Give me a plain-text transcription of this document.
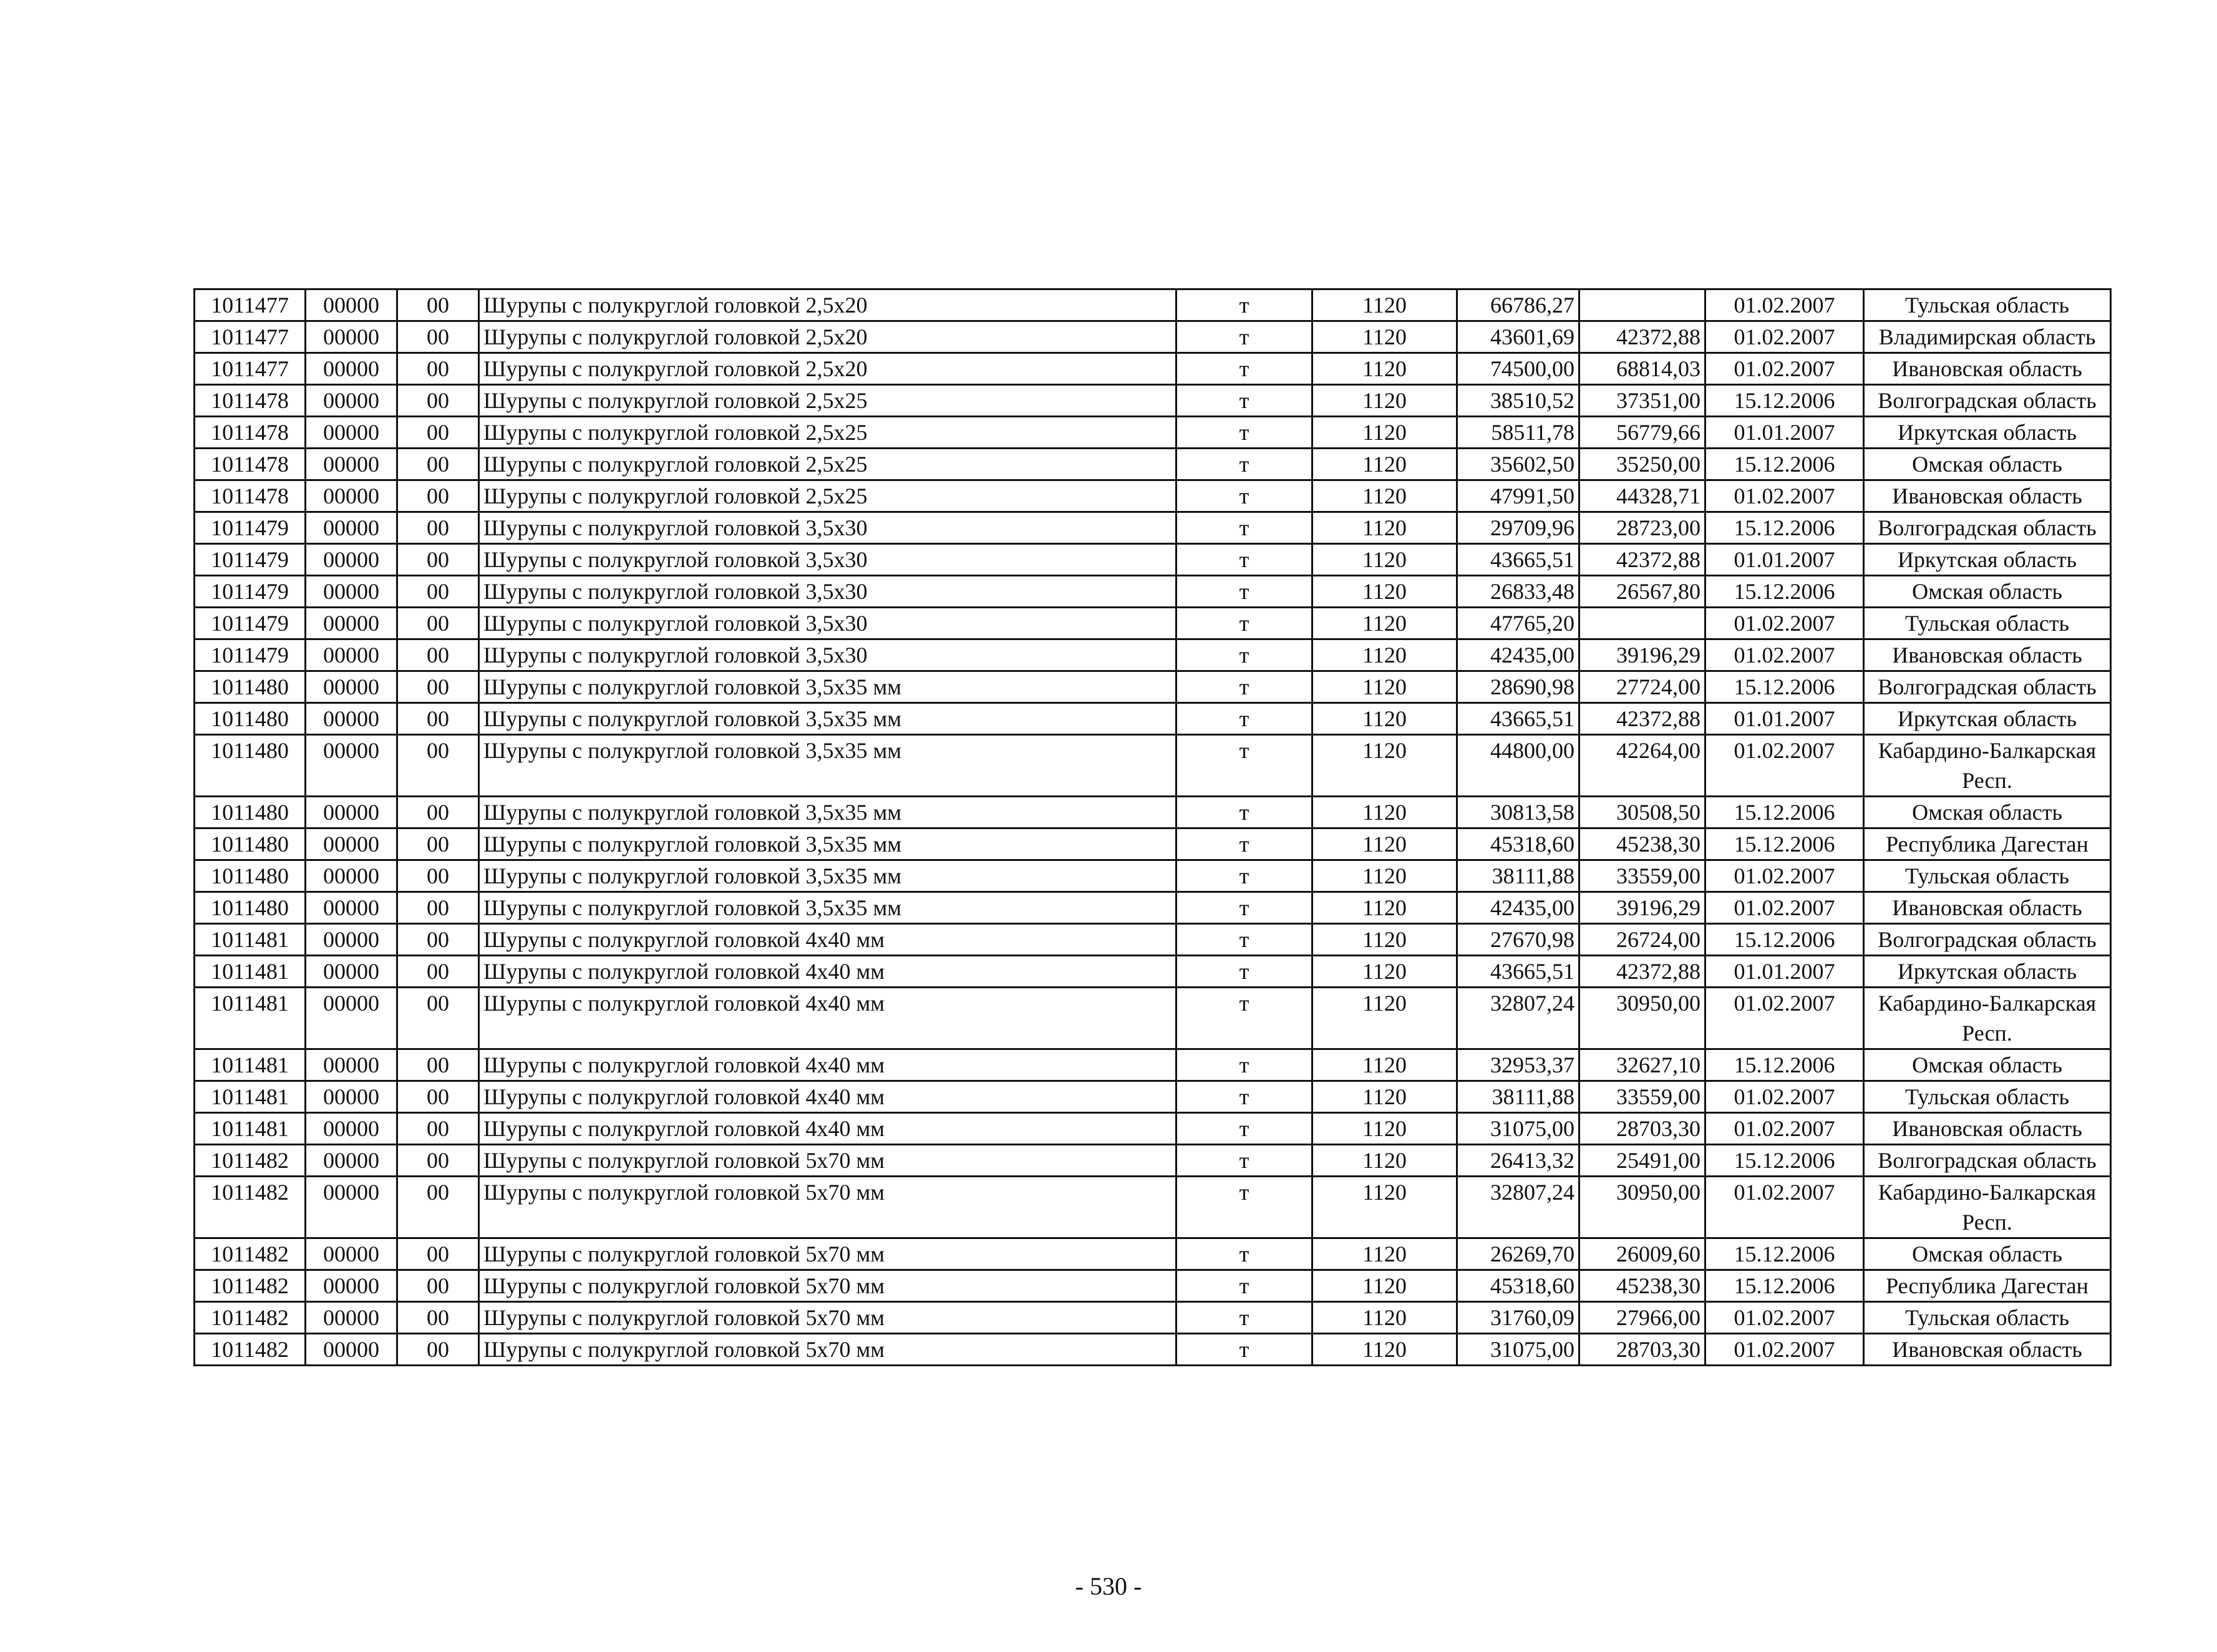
1011477	00000	00	Шурупы с полукруглой головкой 2,5х20	т	1120	66786,27		01.02.2007	Тульская область
1011477	00000	00	Шурупы с полукруглой головкой 2,5х20	т	1120	43601,69	42372,88	01.02.2007	Владимирская область
1011477	00000	00	Шурупы с полукруглой головкой 2,5х20	т	1120	74500,00	68814,03	01.02.2007	Ивановская область
1011478	00000	00	Шурупы с полукруглой головкой 2,5х25	т	1120	38510,52	37351,00	15.12.2006	Волгоградская область
1011478	00000	00	Шурупы с полукруглой головкой 2,5х25	т	1120	58511,78	56779,66	01.01.2007	Иркутская область
1011478	00000	00	Шурупы с полукруглой головкой 2,5х25	т	1120	35602,50	35250,00	15.12.2006	Омская область
1011478	00000	00	Шурупы с полукруглой головкой 2,5х25	т	1120	47991,50	44328,71	01.02.2007	Ивановская область
1011479	00000	00	Шурупы с полукруглой головкой 3,5х30	т	1120	29709,96	28723,00	15.12.2006	Волгоградская область
1011479	00000	00	Шурупы с полукруглой головкой 3,5х30	т	1120	43665,51	42372,88	01.01.2007	Иркутская область
1011479	00000	00	Шурупы с полукруглой головкой 3,5х30	т	1120	26833,48	26567,80	15.12.2006	Омская область
1011479	00000	00	Шурупы с полукруглой головкой 3,5х30	т	1120	47765,20		01.02.2007	Тульская область
1011479	00000	00	Шурупы с полукруглой головкой 3,5х30	т	1120	42435,00	39196,29	01.02.2007	Ивановская область
1011480	00000	00	Шурупы с полукруглой головкой 3,5х35 мм	т	1120	28690,98	27724,00	15.12.2006	Волгоградская область
1011480	00000	00	Шурупы с полукруглой головкой 3,5х35 мм	т	1120	43665,51	42372,88	01.01.2007	Иркутская область
1011480	00000	00	Шурупы с полукруглой головкой 3,5х35 мм	т	1120	44800,00	42264,00	01.02.2007	Кабардино-Балкарская Респ.
1011480	00000	00	Шурупы с полукруглой головкой 3,5х35 мм	т	1120	30813,58	30508,50	15.12.2006	Омская область
1011480	00000	00	Шурупы с полукруглой головкой 3,5х35 мм	т	1120	45318,60	45238,30	15.12.2006	Республика Дагестан
1011480	00000	00	Шурупы с полукруглой головкой 3,5х35 мм	т	1120	38111,88	33559,00	01.02.2007	Тульская область
1011480	00000	00	Шурупы с полукруглой головкой 3,5х35 мм	т	1120	42435,00	39196,29	01.02.2007	Ивановская область
1011481	00000	00	Шурупы с полукруглой головкой 4х40 мм	т	1120	27670,98	26724,00	15.12.2006	Волгоградская область
1011481	00000	00	Шурупы с полукруглой головкой 4х40 мм	т	1120	43665,51	42372,88	01.01.2007	Иркутская область
1011481	00000	00	Шурупы с полукруглой головкой 4х40 мм	т	1120	32807,24	30950,00	01.02.2007	Кабардино-Балкарская Респ.
1011481	00000	00	Шурупы с полукруглой головкой 4х40 мм	т	1120	32953,37	32627,10	15.12.2006	Омская область
1011481	00000	00	Шурупы с полукруглой головкой 4х40 мм	т	1120	38111,88	33559,00	01.02.2007	Тульская область
1011481	00000	00	Шурупы с полукруглой головкой 4х40 мм	т	1120	31075,00	28703,30	01.02.2007	Ивановская область
1011482	00000	00	Шурупы с полукруглой головкой 5х70 мм	т	1120	26413,32	25491,00	15.12.2006	Волгоградская область
1011482	00000	00	Шурупы с полукруглой головкой 5х70 мм	т	1120	32807,24	30950,00	01.02.2007	Кабардино-Балкарская Респ.
1011482	00000	00	Шурупы с полукруглой головкой 5х70 мм	т	1120	26269,70	26009,60	15.12.2006	Омская область
1011482	00000	00	Шурупы с полукруглой головкой 5х70 мм	т	1120	45318,60	45238,30	15.12.2006	Республика Дагестан
1011482	00000	00	Шурупы с полукруглой головкой 5х70 мм	т	1120	31760,09	27966,00	01.02.2007	Тульская область
1011482	00000	00	Шурупы с полукруглой головкой 5х70 мм	т	1120	31075,00	28703,30	01.02.2007	Ивановская область
- 530 -
